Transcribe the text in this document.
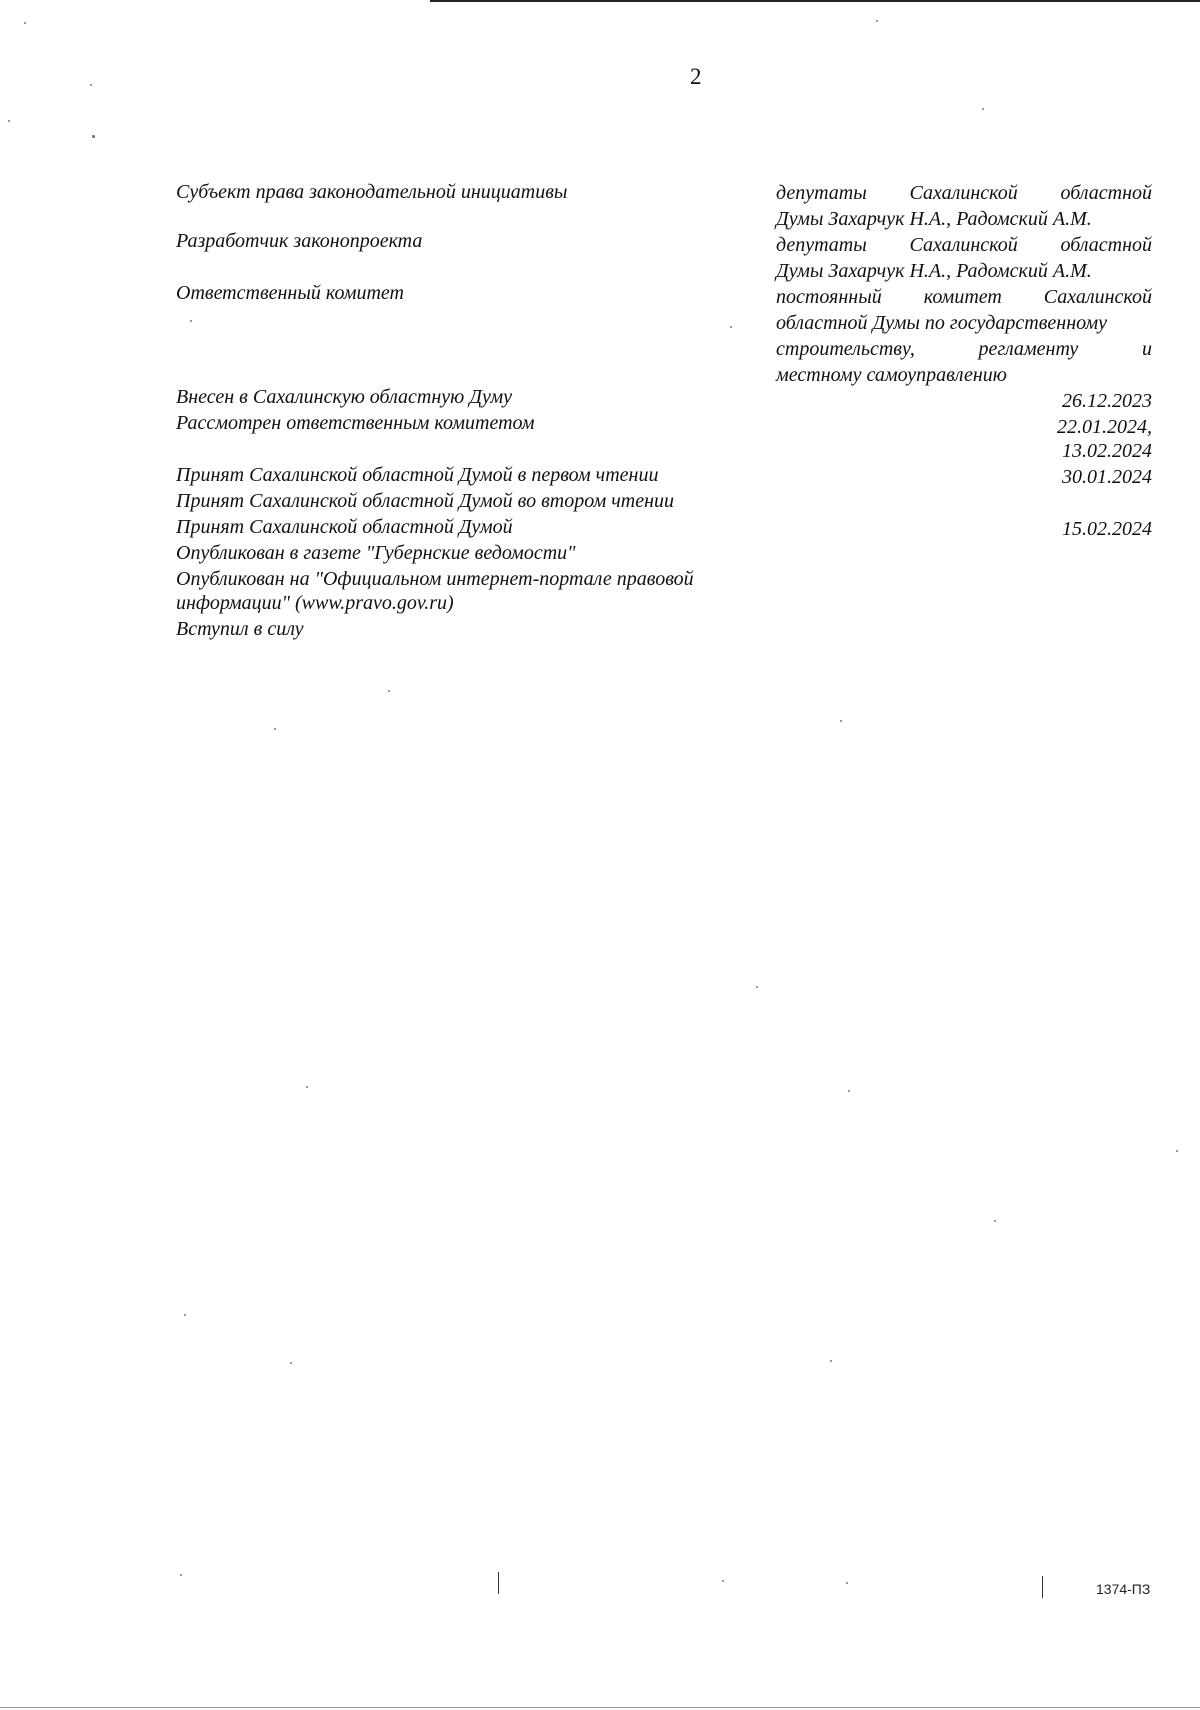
2
Субъект права законодательной инициативы	депутаты Сахалинской областной
Думы Захарчук Н.А., Радомский А.М.
Разработчик законопроекта	депутаты Сахалинской областной
Думы Захарчук Н.А., Радомский А.М.
Ответственный комитет	постоянный комитет Сахалинской
областной Думы по государственному
строительству, регламенту и
местному самоуправлению
Внесен в Сахалинскую областную Думу	26.12.2023
Рассмотрен ответственным комитетом	22.01.2024,
13.02.2024
Принят Сахалинской областной Думой в первом чтении	30.01.2024
Принят Сахалинской областной Думой во втором чтении
Принят Сахалинской областной Думой	15.02.2024
Опубликован в газете "Губернские ведомости"
Опубликован на "Официальном интернет-портале правовой
информации" (www.pravo.gov.ru)
Вступил в силу
1374-ПЗ
